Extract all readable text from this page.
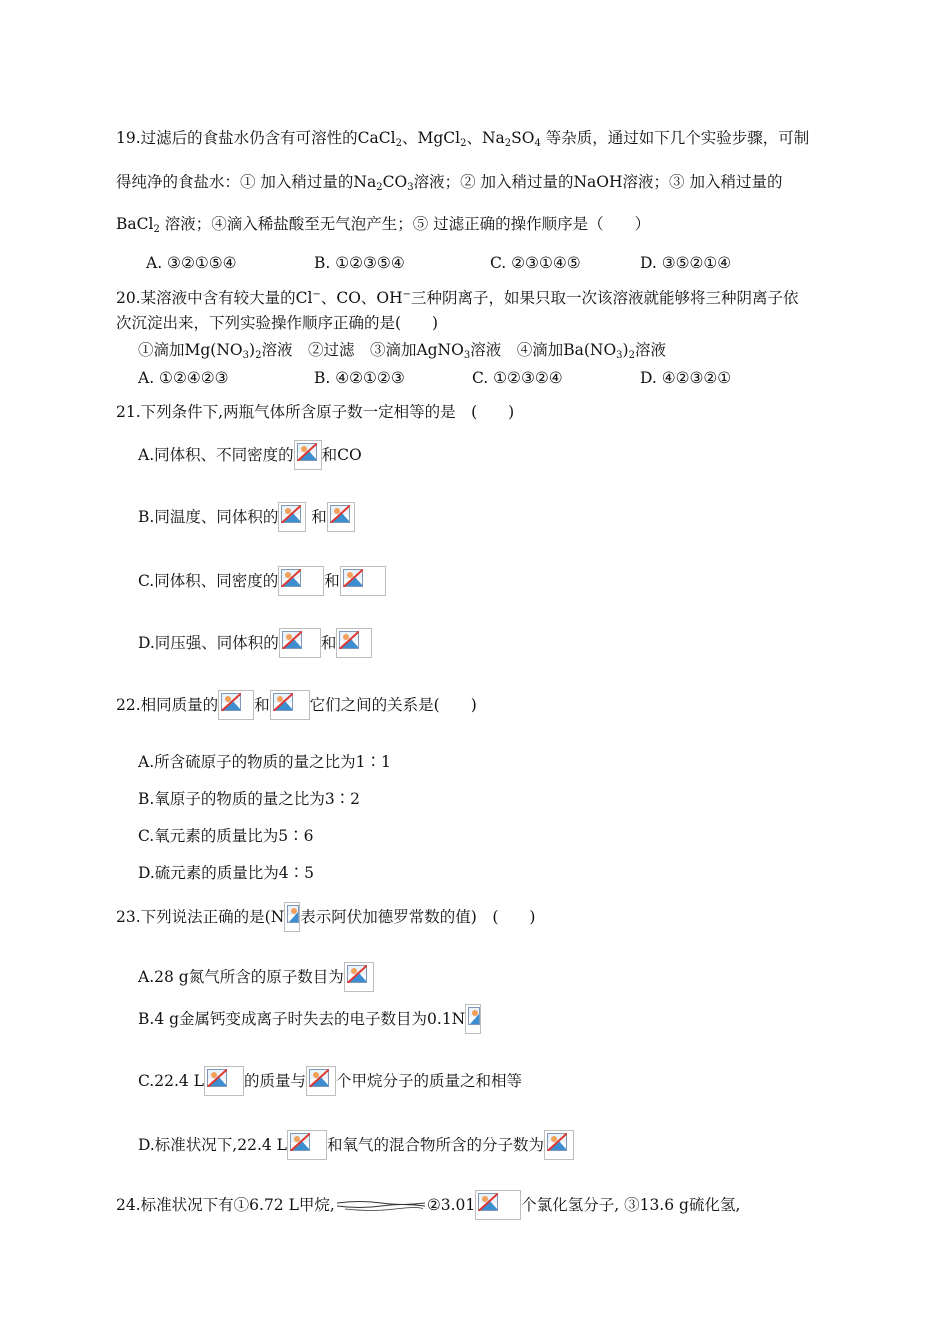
19.过滤后的食盐水仍含有可溶性的CaCl$_2$、MgCl$_2$、$Na_2SO_4$ 等杂质，通过如下几个实验步骤，可制
得纯净的食盐水：① 加入稍过量的$Na_2CO_3$溶液；② 加入稍过量的NaOH溶液；③ 加入稍过量的
BaCl$_2$ 溶液；④滴入稀盐酸至无气泡产生；⑤ 过滤正确的操作顺序是（　　）
A. ③②①⑤④	B. ①②③⑤④	C. ②③①④⑤	D. ③⑤②①④
20.某溶液中含有较大量的Cl−、CO、OH−三种阴离子，如果只取一次该溶液就能够将三种阴离子依
次沉淀出来，下列实验操作顺序正确的是(　　)
①滴加$Mg(NO_3)_2$溶液　②过滤　③滴加AgNO$_3$溶液　④滴加$Ba(NO_3)_2$溶液
A. ①②④②③	B. ④②①②③	C. ①②③②④	D. ④②③②①
21.下列条件下,两瓶气体所含原子数一定相等的是　(　　)
A.同体积、不同密度的 和CO
B.同温度、同体积的 和
C.同体积、同密度的	和
D.同压强、同体积的	和
22.相同质量的 和	它们之间的关系是(　　)
A.所含硫原子的物质的量之比为1∶1
B.氧原子的物质的量之比为3∶2
C.氧元素的质量比为5∶6
D.硫元素的质量比为4∶5
23.下列说法正确的是(N 表示阿伏加德罗常数的值)　(　　)
A.28 g氮气所含的原子数目为
B.4 g金属钙变成离子时失去的电子数目为0.1N
C.22.4 L	的质量与 个甲烷分子的质量之和相等
D.标准状况下,22.4 L	和氧气的混合物所含的分子数为
24.标准状况下有①6.72 L甲烷,	②3.01	个氯化氢分子, ③13.6 g硫化氢,
